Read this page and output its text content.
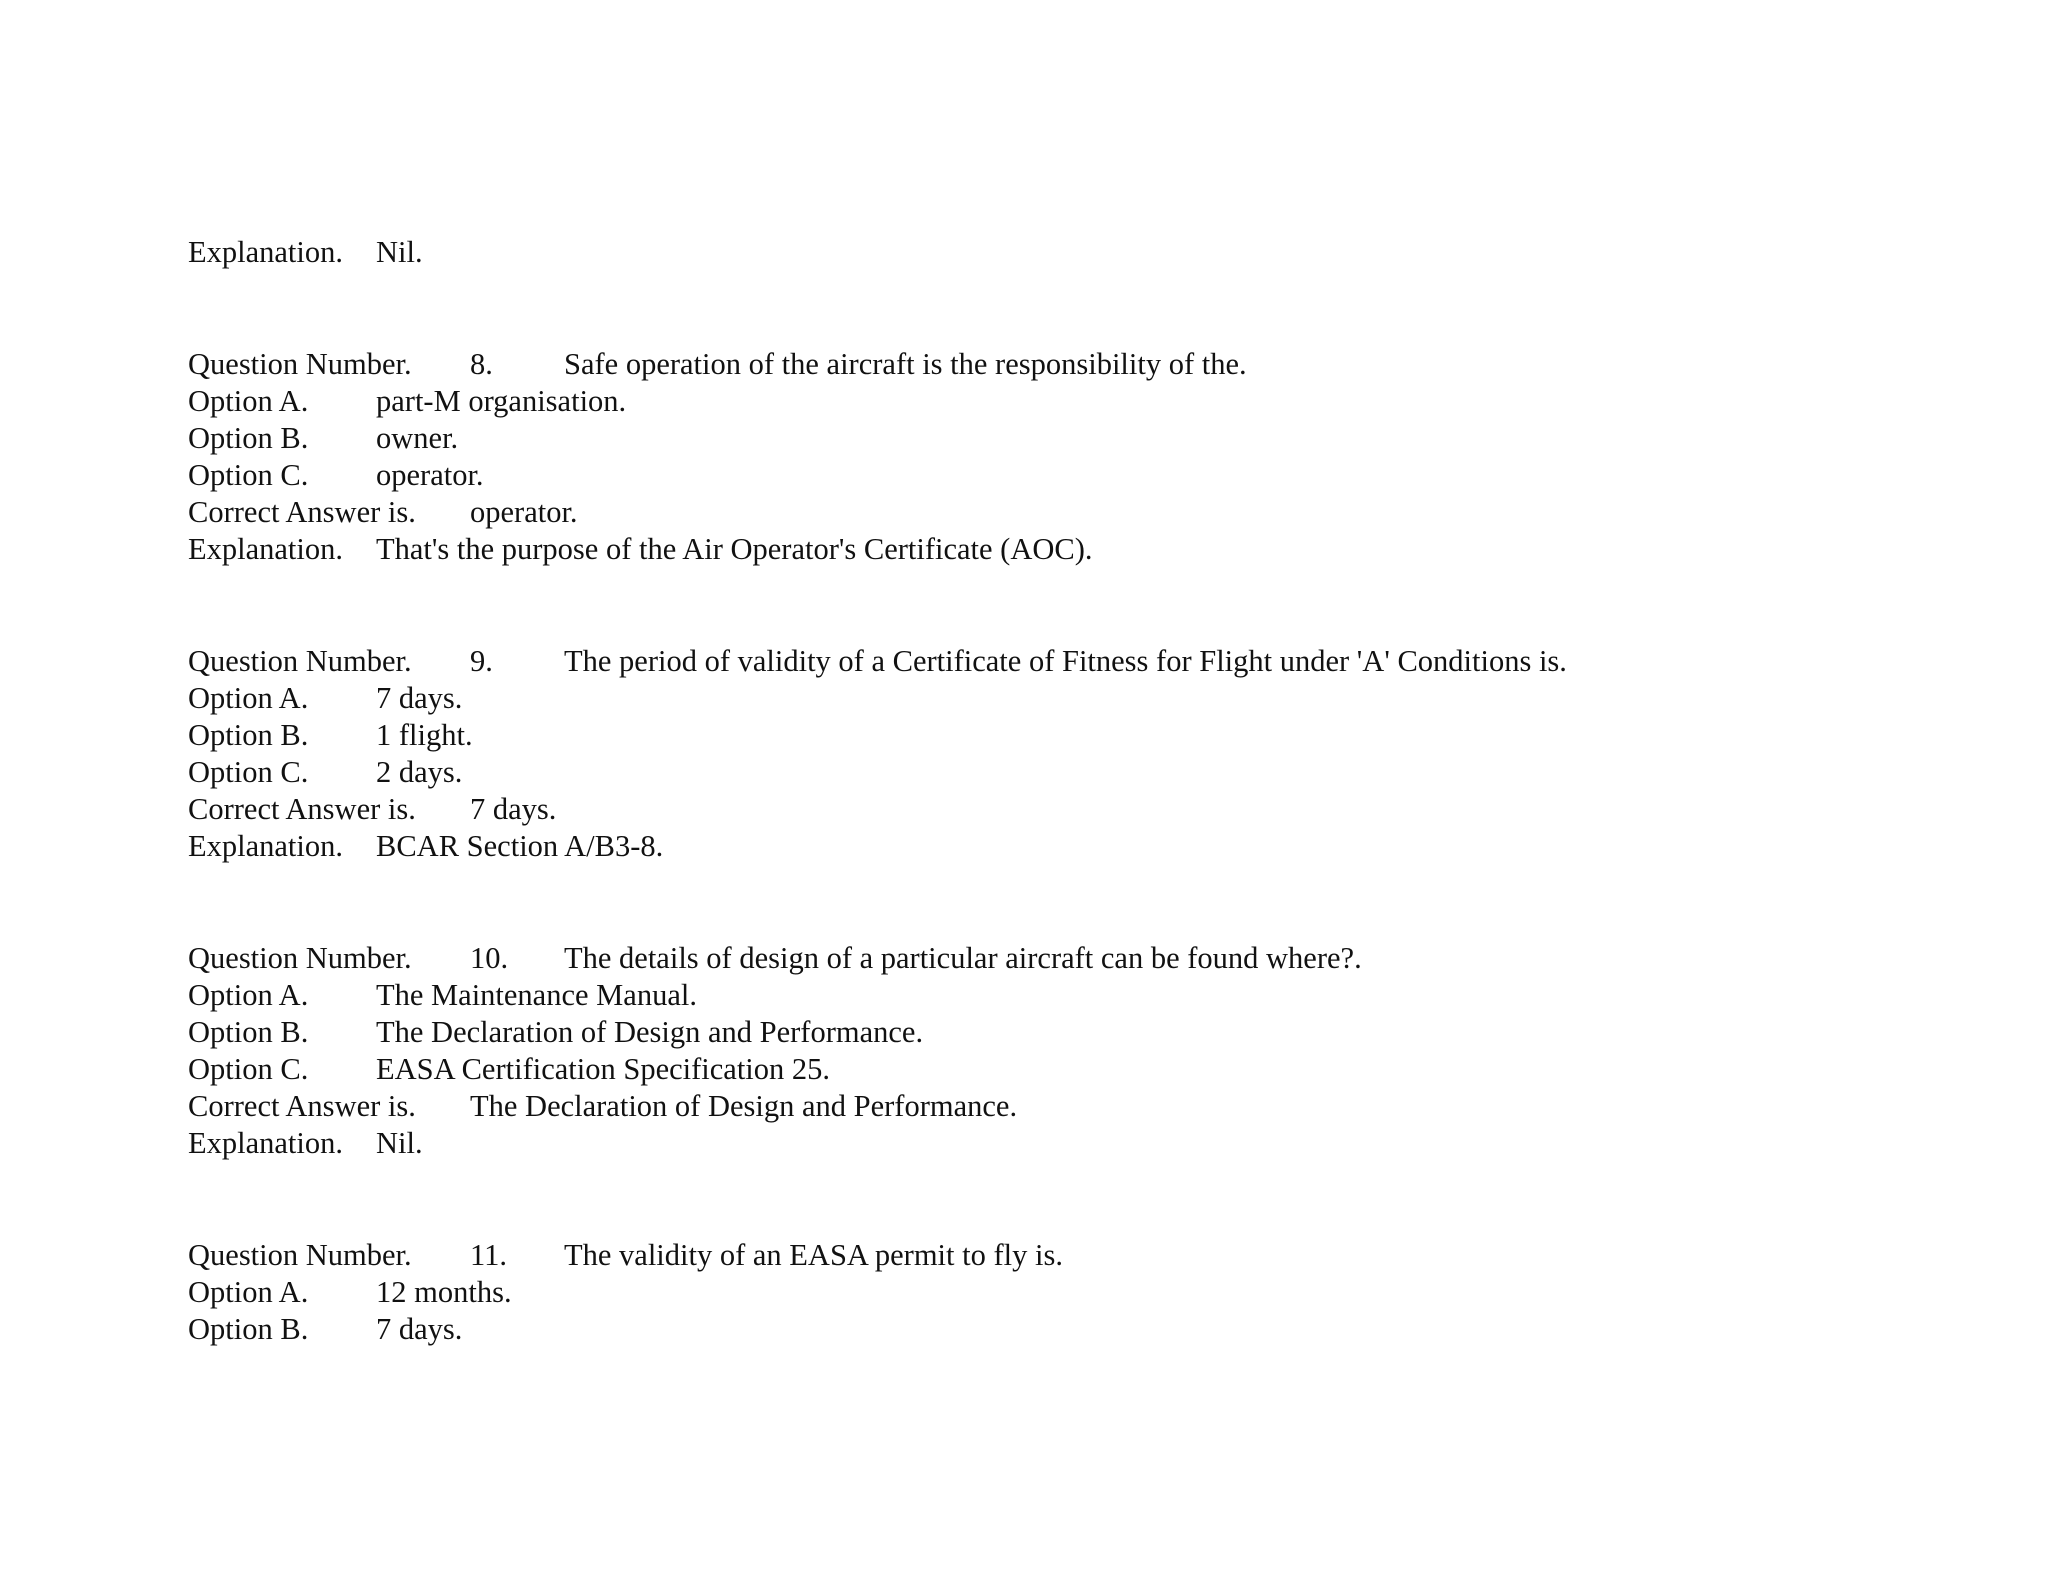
Explanation. Nil.
Question Number. 8. Safe operation of the aircraft is the responsibility of the.
Option A. part-M organisation.
Option B. owner.
Option C. operator.
Correct Answer is. operator.
Explanation. That's the purpose of the Air Operator's Certificate (AOC).
Question Number. 9. The period of validity of a Certificate of Fitness for Flight under 'A' Conditions is.
Option A. 7 days.
Option B. 1 flight.
Option C. 2 days.
Correct Answer is. 7 days.
Explanation. BCAR Section A/B3-8.
Question Number. 10. The details of design of a particular aircraft can be found where?.
Option A. The Maintenance Manual.
Option B. The Declaration of Design and Performance.
Option C. EASA Certification Specification 25.
Correct Answer is. The Declaration of Design and Performance.
Explanation. Nil.
Question Number. 11. The validity of an EASA permit to fly is.
Option A. 12 months.
Option B. 7 days.
